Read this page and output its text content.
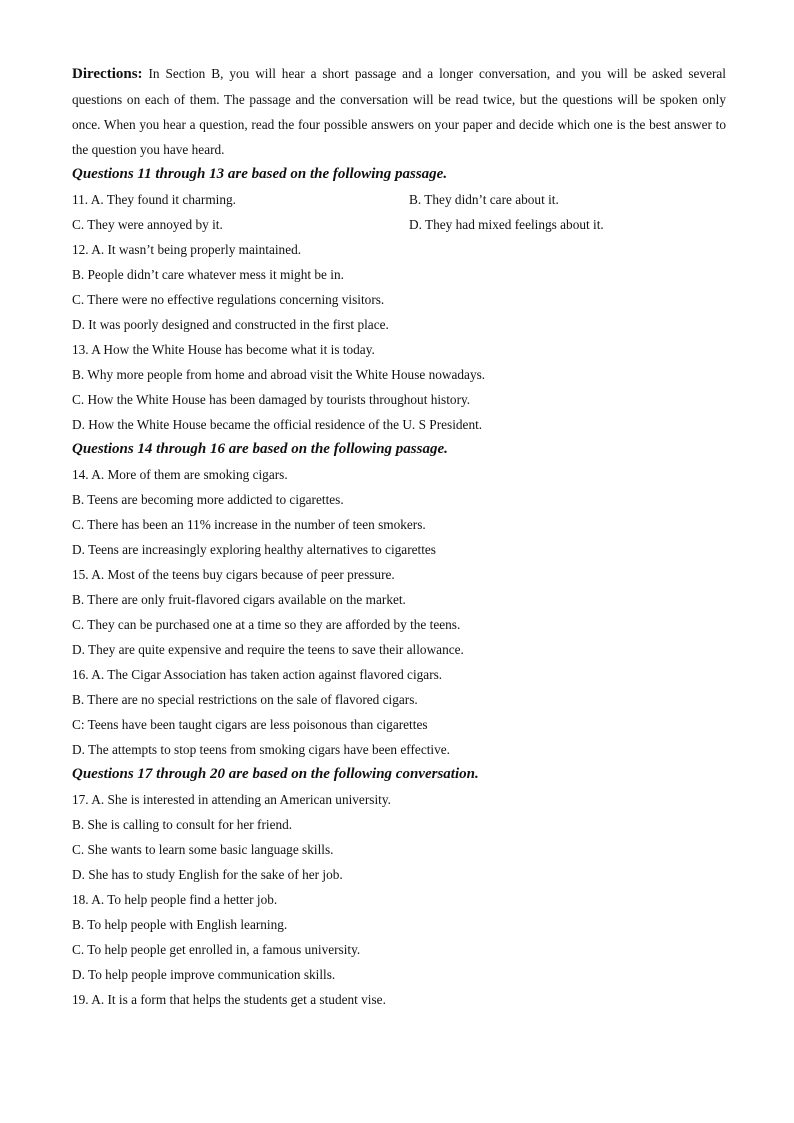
Directions: In Section B, you will hear a short passage and a longer conversation, and you will be asked several questions on each of them. The passage and the conversation will be read twice, but the questions will be spoken only once. When you hear a question, read the four possible answers on your paper and decide which one is the best answer to the question you have heard.

Questions 11 through 13 are based on the following passage.
11. A. They found it charming.	B. They didn’t care about it.
C. They were annoyed by it.	D. They had mixed feelings about it.
12. A. It wasn’t being properly maintained.
B. People didn’t care whatever mess it might be in.
C. There were no effective regulations concerning visitors.
D. It was poorly designed and constructed in the first place.
13. A How the White House has become what it is today.
B. Why more people from home and abroad visit the White House nowadays.
C. How the White House has been damaged by tourists throughout history.
D. How the White House became the official residence of the U. S President.
Questions 14 through 16 are based on the following passage.
14. A. More of them are smoking cigars.
B. Teens are becoming more addicted to cigarettes.
C. There has been an 11% increase in the number of teen smokers.
D. Teens are increasingly exploring healthy alternatives to cigarettes
15. A. Most of the teens buy cigars because of peer pressure.
B. There are only fruit-flavored cigars available on the market.
C. They can be purchased one at a time so they are afforded by the teens.
D. They are quite expensive and require the teens to save their allowance.
16. A. The Cigar Association has taken action against flavored cigars.
B. There are no special restrictions on the sale of flavored cigars.
C: Teens have been taught cigars are less poisonous than cigarettes
D. The attempts to stop teens from smoking cigars have been effective.
Questions 17 through 20 are based on the following conversation.
17. A. She is interested in attending an American university.
B. She is calling to consult for her friend.
C. She wants to learn some basic language skills.
D. She has to study English for the sake of her job.
18. A. To help people find a hetter job.
B. To help people with English learning.
C. To help people get enrolled in, a famous university.
D. To help people improve communication skills.
19. A. It is a form that helps the students get a student vise.
